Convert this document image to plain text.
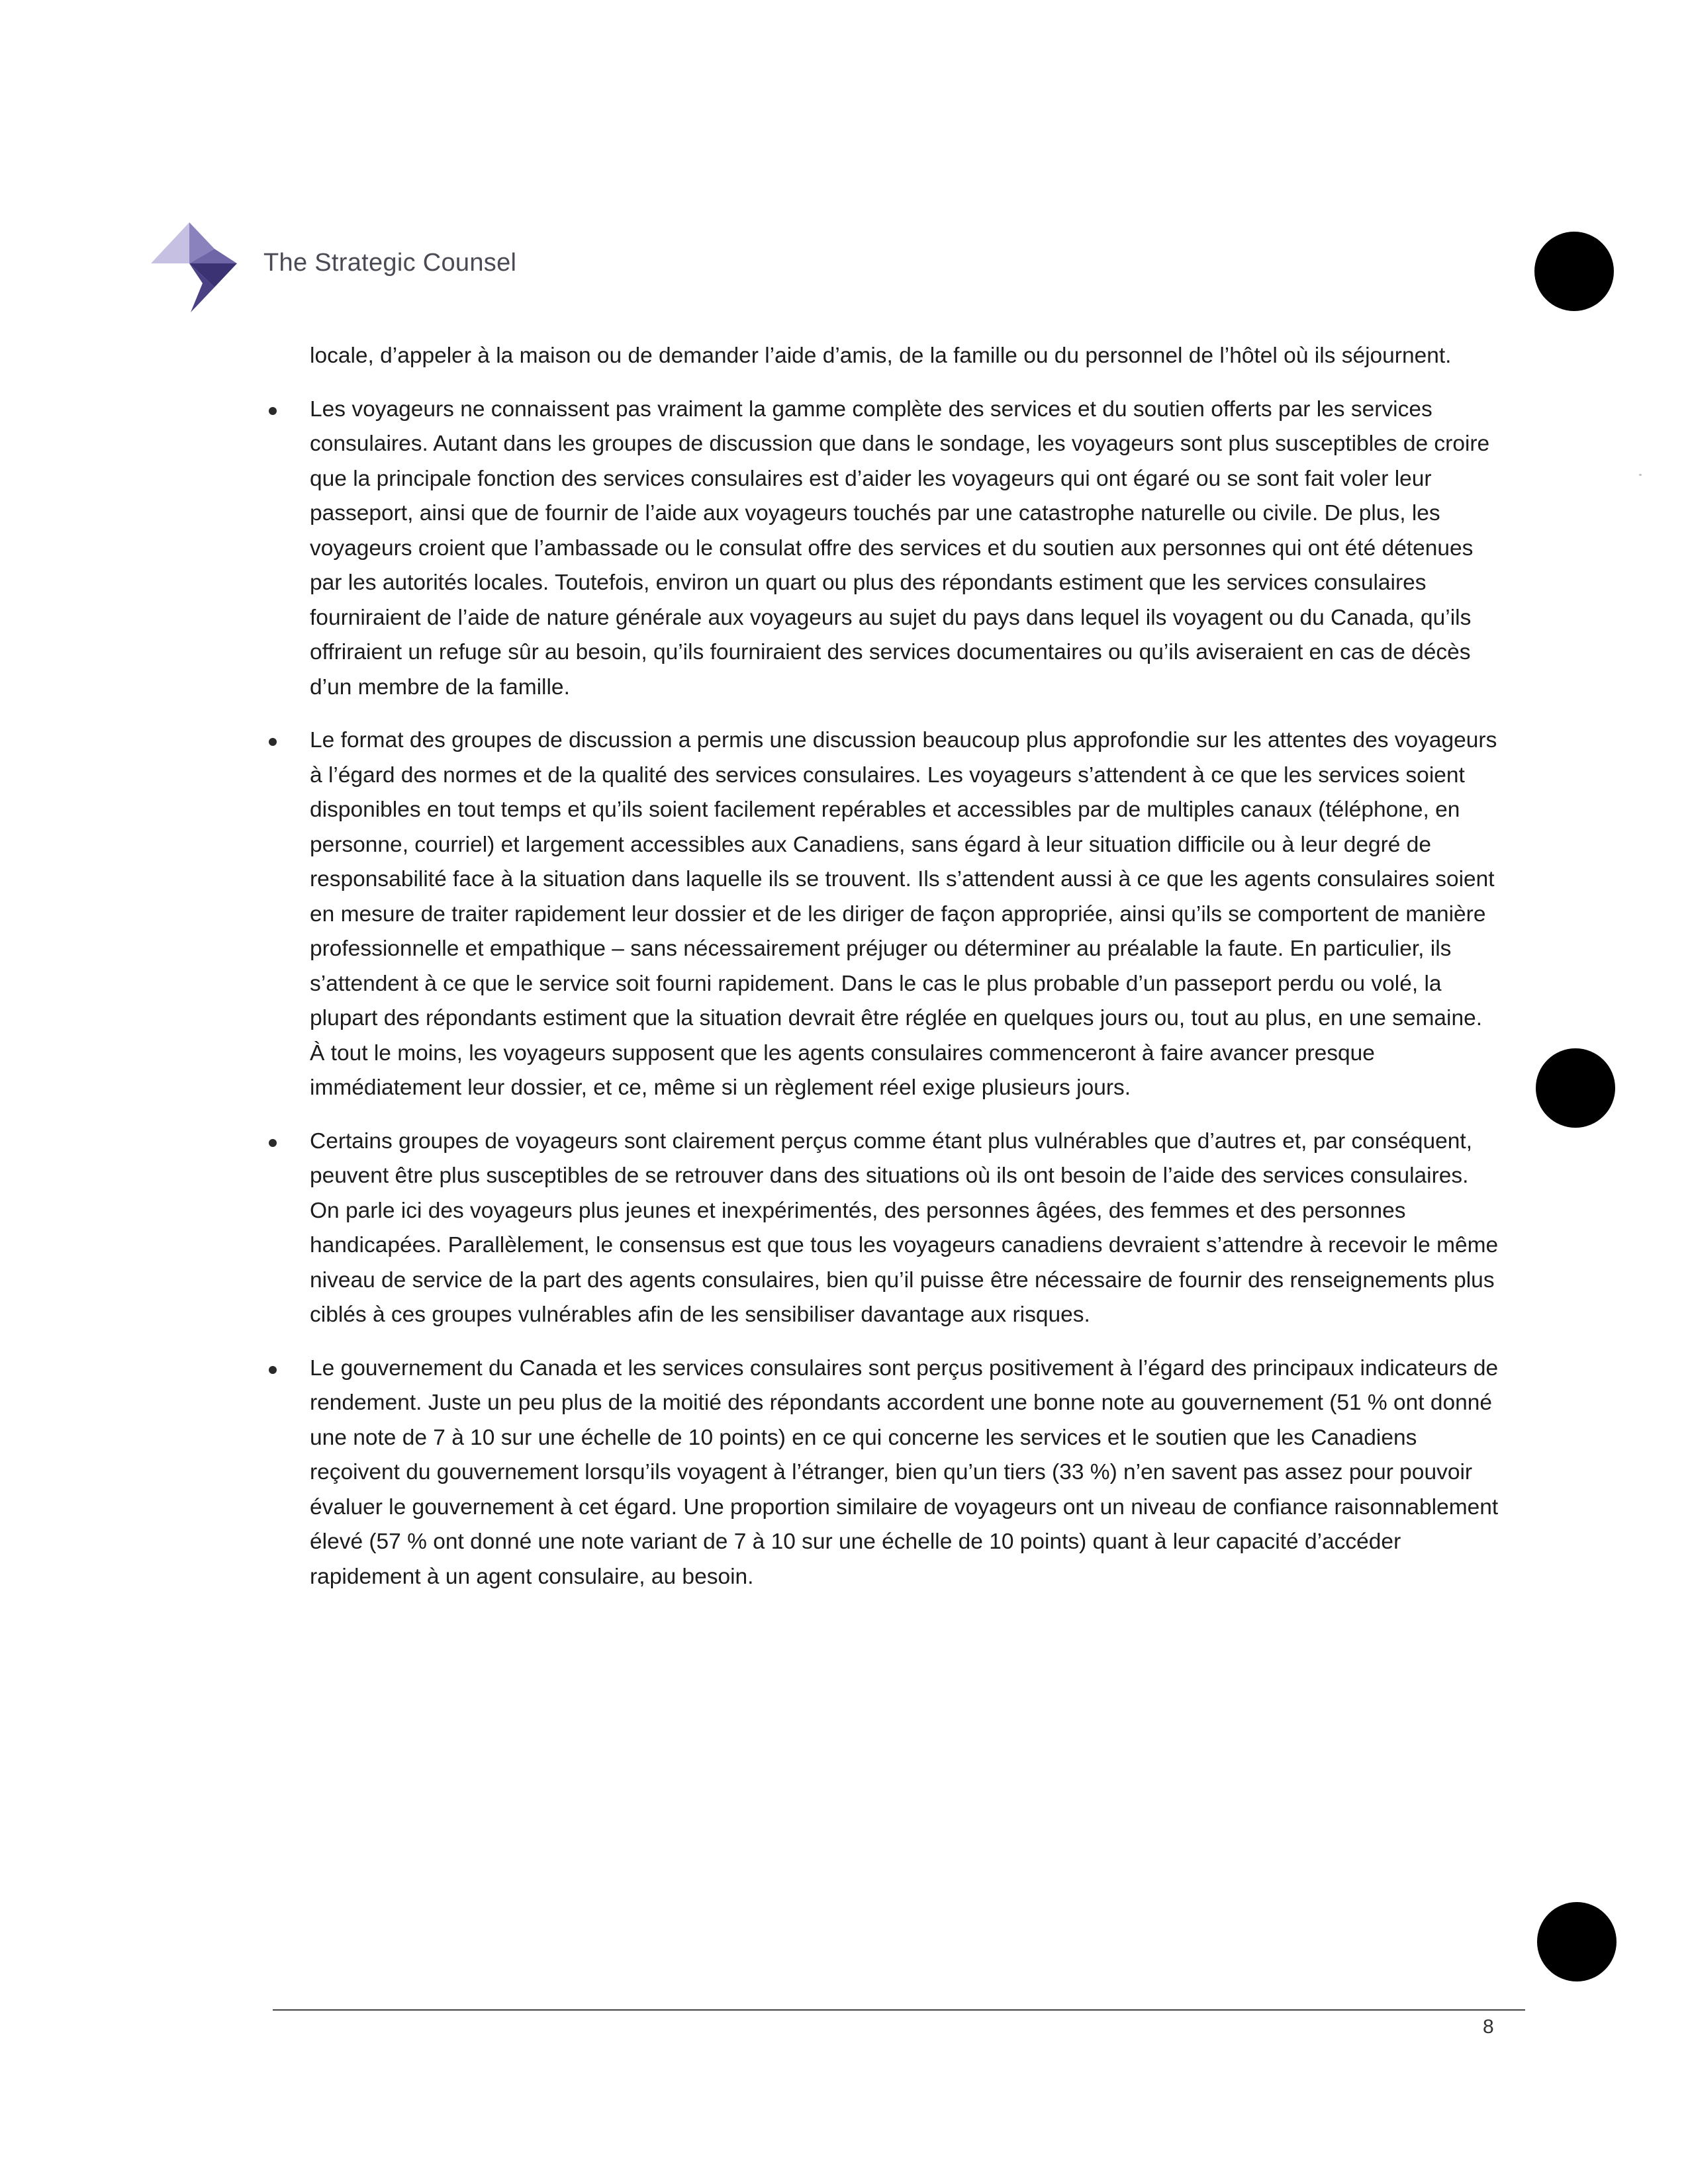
The Strategic Counsel

locale, d’appeler à la maison ou de demander l’aide d’amis, de la famille ou du personnel de l’hôtel où ils séjournent.

Les voyageurs ne connaissent pas vraiment la gamme complète des services et du soutien offerts par les services consulaires. Autant dans les groupes de discussion que dans le sondage, les voyageurs sont plus susceptibles de croire que la principale fonction des services consulaires est d’aider les voyageurs qui ont égaré ou se sont fait voler leur passeport, ainsi que de fournir de l’aide aux voyageurs touchés par une catastrophe naturelle ou civile. De plus, les voyageurs croient que l’ambassade ou le consulat offre des services et du soutien aux personnes qui ont été détenues par les autorités locales. Toutefois, environ un quart ou plus des répondants estiment que les services consulaires fourniraient de l’aide de nature générale aux voyageurs au sujet du pays dans lequel ils voyagent ou du Canada, qu’ils offriraient un refuge sûr au besoin, qu’ils fourniraient des services documentaires ou qu’ils aviseraient en cas de décès d’un membre de la famille.
Le format des groupes de discussion a permis une discussion beaucoup plus approfondie sur les attentes des voyageurs à l’égard des normes et de la qualité des services consulaires. Les voyageurs s’attendent à ce que les services soient disponibles en tout temps et qu’ils soient facilement repérables et accessibles par de multiples canaux (téléphone, en personne, courriel) et largement accessibles aux Canadiens, sans égard à leur situation difficile ou à leur degré de responsabilité face à la situation dans laquelle ils se trouvent. Ils s’attendent aussi à ce que les agents consulaires soient en mesure de traiter rapidement leur dossier et de les diriger de façon appropriée, ainsi qu’ils se comportent de manière professionnelle et empathique – sans nécessairement préjuger ou déterminer au préalable la faute. En particulier, ils s’attendent à ce que le service soit fourni rapidement. Dans le cas le plus probable d’un passeport perdu ou volé, la plupart des répondants estiment que la situation devrait être réglée en quelques jours ou, tout au plus, en une semaine. À tout le moins, les voyageurs supposent que les agents consulaires commenceront à faire avancer presque immédiatement leur dossier, et ce, même si un règlement réel exige plusieurs jours.
Certains groupes de voyageurs sont clairement perçus comme étant plus vulnérables que d’autres et, par conséquent, peuvent être plus susceptibles de se retrouver dans des situations où ils ont besoin de l’aide des services consulaires. On parle ici des voyageurs plus jeunes et inexpérimentés, des personnes âgées, des femmes et des personnes handicapées. Parallèlement, le consensus est que tous les voyageurs canadiens devraient s’attendre à recevoir le même niveau de service de la part des agents consulaires, bien qu’il puisse être nécessaire de fournir des renseignements plus ciblés à ces groupes vulnérables afin de les sensibiliser davantage aux risques.
Le gouvernement du Canada et les services consulaires sont perçus positivement à l’égard des principaux indicateurs de rendement. Juste un peu plus de la moitié des répondants accordent une bonne note au gouvernement (51 % ont donné une note de 7 à 10 sur une échelle de 10 points) en ce qui concerne les services et le soutien que les Canadiens reçoivent du gouvernement lorsqu’ils voyagent à l’étranger, bien qu’un tiers (33 %) n’en savent pas assez pour pouvoir évaluer le gouvernement à cet égard. Une proportion similaire de voyageurs ont un niveau de confiance raisonnablement élevé (57 % ont donné une note variant de 7 à 10 sur une échelle de 10 points) quant à leur capacité d’accéder rapidement à un agent consulaire, au besoin.
8
